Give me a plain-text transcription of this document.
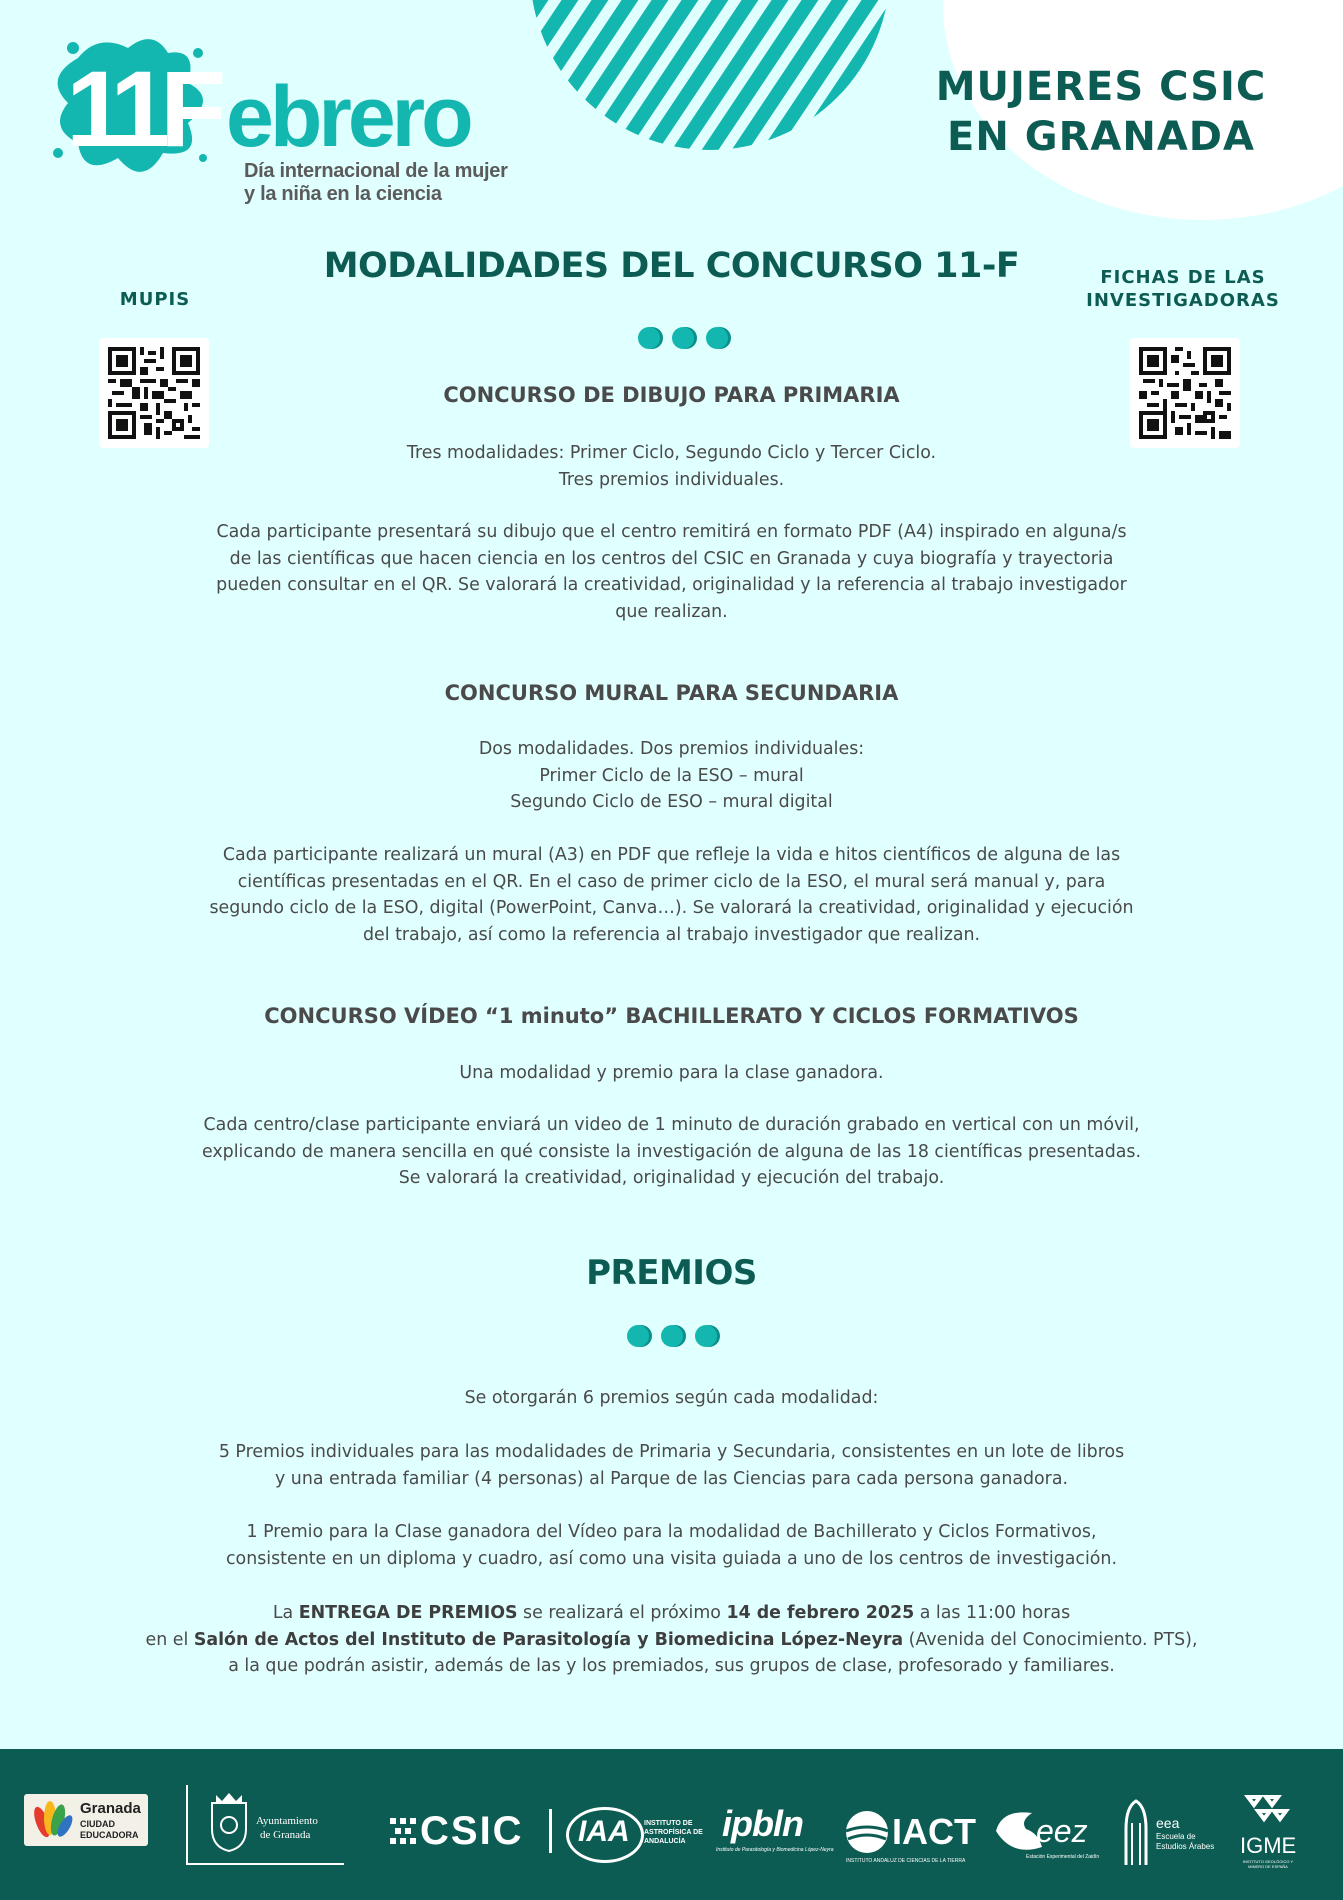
11F ebrero
Día internacional de la mujer
y la niña en la ciencia
MUJERES CSIC
EN GRANADA
MUPIS
FICHAS DE LAS
INVESTIGADORAS
MODALIDADES DEL CONCURSO 11-F
CONCURSO DE DIBUJO PARA PRIMARIA
Tres modalidades: Primer Ciclo, Segundo Ciclo y Tercer Ciclo.
Tres premios individuales.
Cada participante presentará su dibujo que el centro remitirá en formato PDF (A4) inspirado en alguna/s
de las científicas que hacen ciencia en los centros del CSIC en Granada y cuya biografía y trayectoria
pueden consultar en el QR. Se valorará la creatividad, originalidad y la referencia al trabajo investigador
que realizan.
CONCURSO MURAL PARA SECUNDARIA
Dos modalidades. Dos premios individuales:
Primer Ciclo de la ESO – mural
Segundo Ciclo de ESO – mural digital
Cada participante realizará un mural (A3) en PDF que refleje la vida e hitos científicos de alguna de las
científicas presentadas en el QR. En el caso de primer ciclo de la ESO, el mural será manual y, para
segundo ciclo de la ESO, digital (PowerPoint, Canva…). Se valorará la creatividad, originalidad y ejecución
del trabajo, así como la referencia al trabajo investigador que realizan.
CONCURSO VÍDEO “1 minuto” BACHILLERATO Y CICLOS FORMATIVOS
Una modalidad y premio para la clase ganadora.
Cada centro/clase participante enviará un video de 1 minuto de duración grabado en vertical con un móvil,
explicando de manera sencilla en qué consiste la investigación de alguna de las 18 científicas presentadas.
Se valorará la creatividad, originalidad y ejecución del trabajo.
PREMIOS
Se otorgarán 6 premios según cada modalidad:
5 Premios individuales para las modalidades de Primaria y Secundaria, consistentes en un lote de libros
y una entrada familiar (4 personas) al Parque de las Ciencias para cada persona ganadora.
1 Premio para la Clase ganadora del Vídeo para la modalidad de Bachillerato y Ciclos Formativos,
consistente en un diploma y cuadro, así como una visita guiada a uno de los centros de investigación.
La ENTREGA DE PREMIOS se realizará el próximo 14 de febrero 2025 a las 11:00 horas
en el Salón de Actos del Instituto de Parasitología y Biomedicina López-Neyra (Avenida del Conocimiento. PTS),
a la que podrán asistir, además de las y los premiados, sus grupos de clase, profesorado y familiares.
Granada
CIUDAD
EDUCADORA
Ayuntamiento
de Granada	CSIC IAA INSTITUTO DE
ASTROFÍSICA DE
ANDALUCÍA	ipbln
Instituto de Parasitología y Biomedicina López-Neyra IACT
INSTITUTO ANDALUZ DE CIENCIAS DE LA TIERRA
eez
Estación Experimental del Zaidín
eea
Escuela de
Estudios Árabes IGME
INSTITUTO GEOLÓGICO Y MINERO DE ESPAÑA
